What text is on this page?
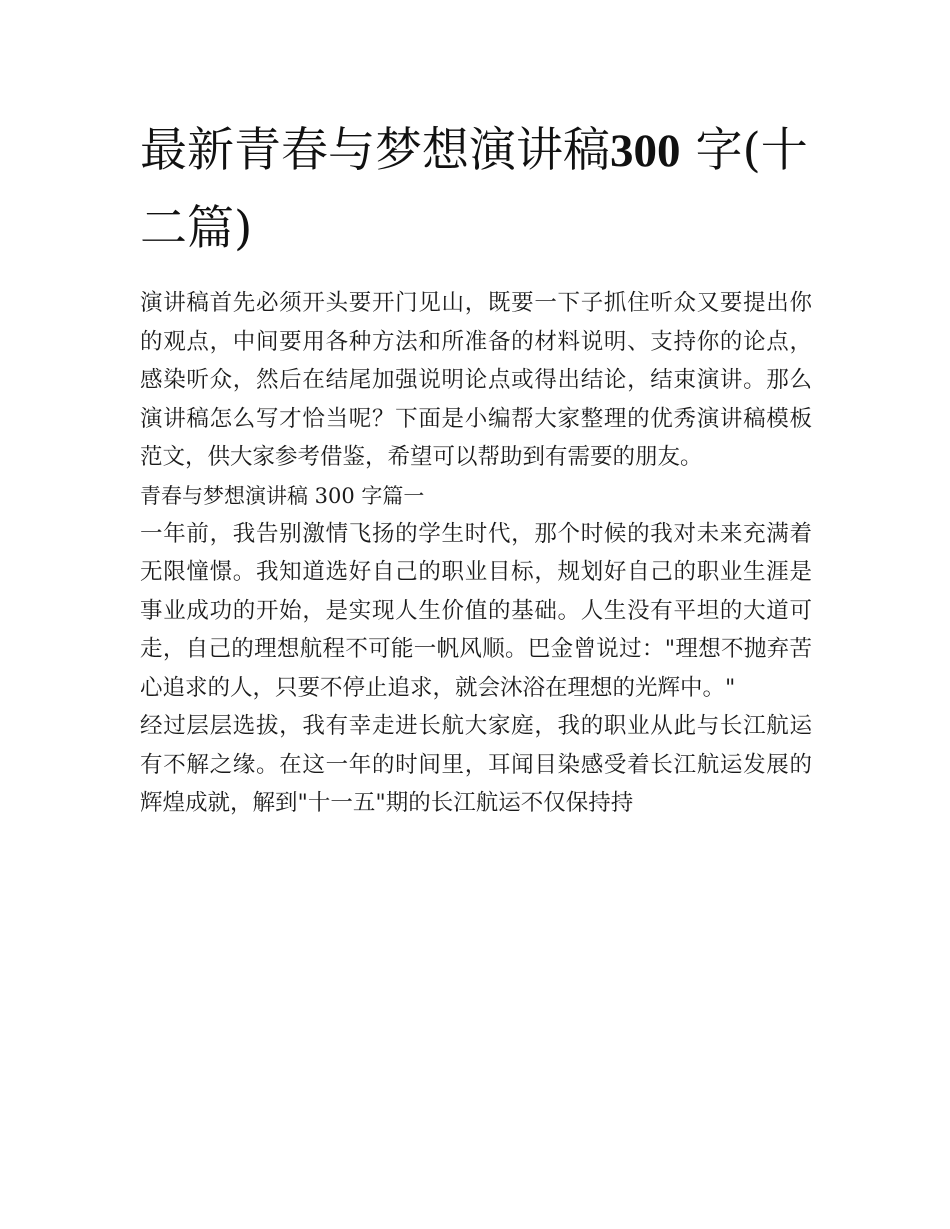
最新青春与梦想演讲稿300 字(十二篇)

演讲稿首先必须开头要开门见山，既要一下子抓住听众又要提出你的观点，中间要用各种方法和所准备的材料说明、支持你的论点，感染听众，然后在结尾加强说明论点或得出结论，结束演讲。那么演讲稿怎么写才恰当呢？下面是小编帮大家整理的优秀演讲稿模板范文，供大家参考借鉴，希望可以帮助到有需要的朋友。

青春与梦想演讲稿 300 字篇一

一年前，我告别激情飞扬的学生时代，那个时候的我对未来充满着无限憧憬。我知道选好自己的职业目标，规划好自己的职业生涯是事业成功的开始，是实现人生价值的基础。人生没有平坦的大道可走，自己的理想航程不可能一帆风顺。巴金曾说过："理想不抛弃苦心追求的人，只要不停止追求，就会沐浴在理想的光辉中。"

经过层层选拔，我有幸走进长航大家庭，我的职业从此与长江航运有不解之缘。在这一年的时间里，耳闻目染感受着长江航运发展的辉煌成就，解到"十一五"期的长江航运不仅保持持
